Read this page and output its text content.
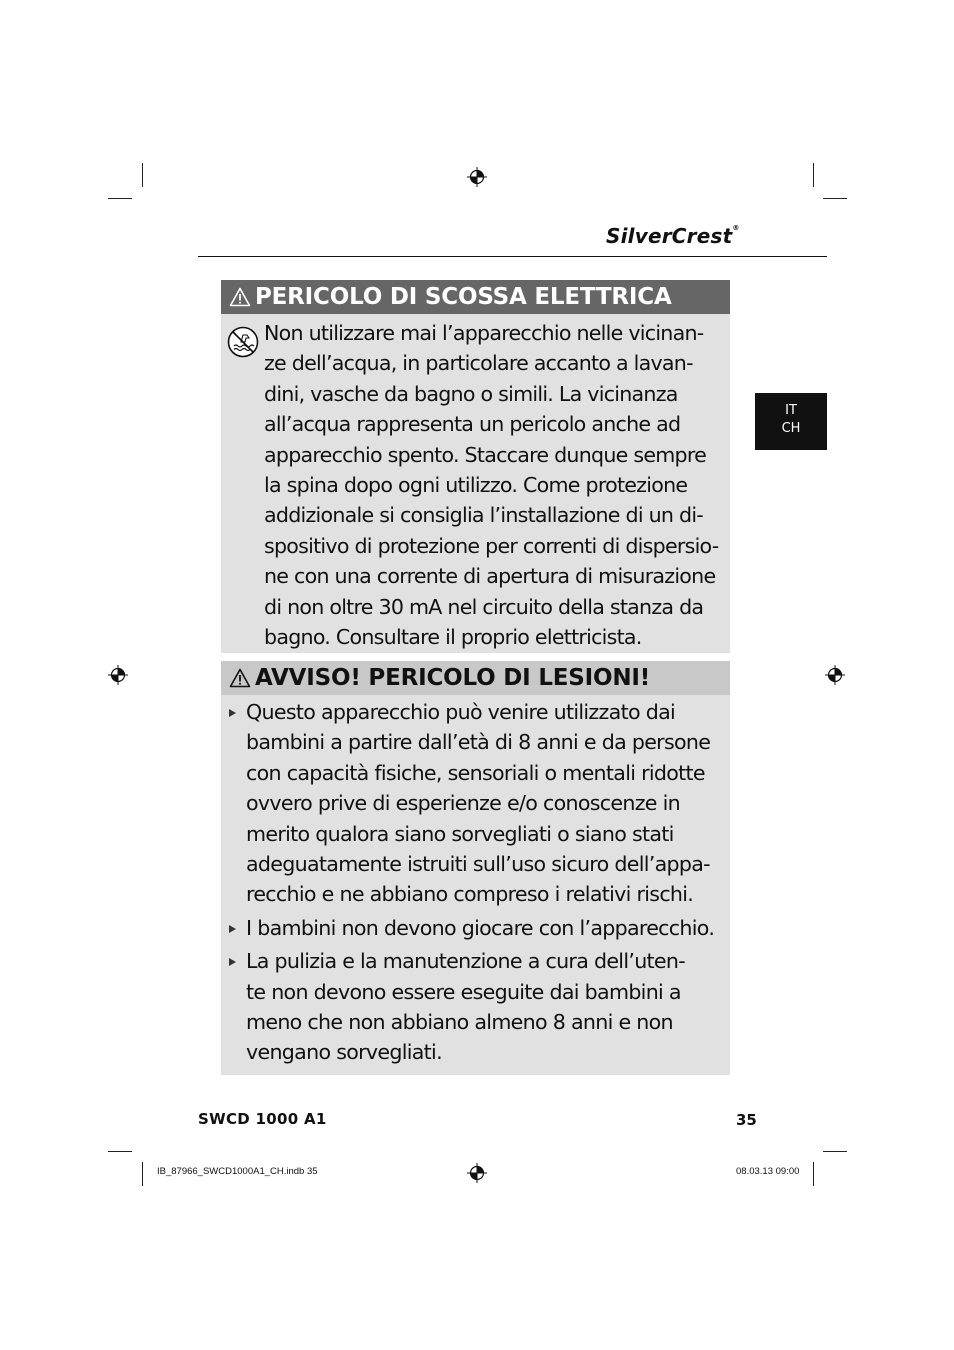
SilverCrest®
IT
CH
PERICOLO DI SCOSSA ELETTRICA
Non utilizzare mai l’apparecchio nelle vicinan-
ze dell’acqua, in particolare accanto a lavan-
dini, vasche da bagno o simili. La vicinanza
all’acqua rappresenta un pericolo anche ad
apparecchio spento. Staccare dunque sempre
la spina dopo ogni utilizzo. Come protezione
addizionale si consiglia l’installazione di un di-
spositivo di protezione per correnti di dispersio-
ne con una corrente di apertura di misurazione
di non oltre 30 mA nel circuito della stanza da
bagno. Consultare il proprio elettricista.
AVVISO! PERICOLO DI LESIONI!
Questo apparecchio può venire utilizzato dai
bambini a partire dall’età di 8 anni e da persone
con capacità fisiche, sensoriali o mentali ridotte
ovvero prive di esperienze e/o conoscenze in
merito qualora siano sorvegliati o siano stati
adeguatamente istruiti sull’uso sicuro dell’appa-
recchio e ne abbiano compreso i relativi rischi.
I bambini non devono giocare con l’apparecchio.
La pulizia e la manutenzione a cura dell’uten-
te non devono essere eseguite dai bambini a
meno che non abbiano almeno 8 anni e non
vengano sorvegliati.
SWCD 1000 A1	35
IB_87966_SWCD1000A1_CH.indb 35	08.03.13 09:00
